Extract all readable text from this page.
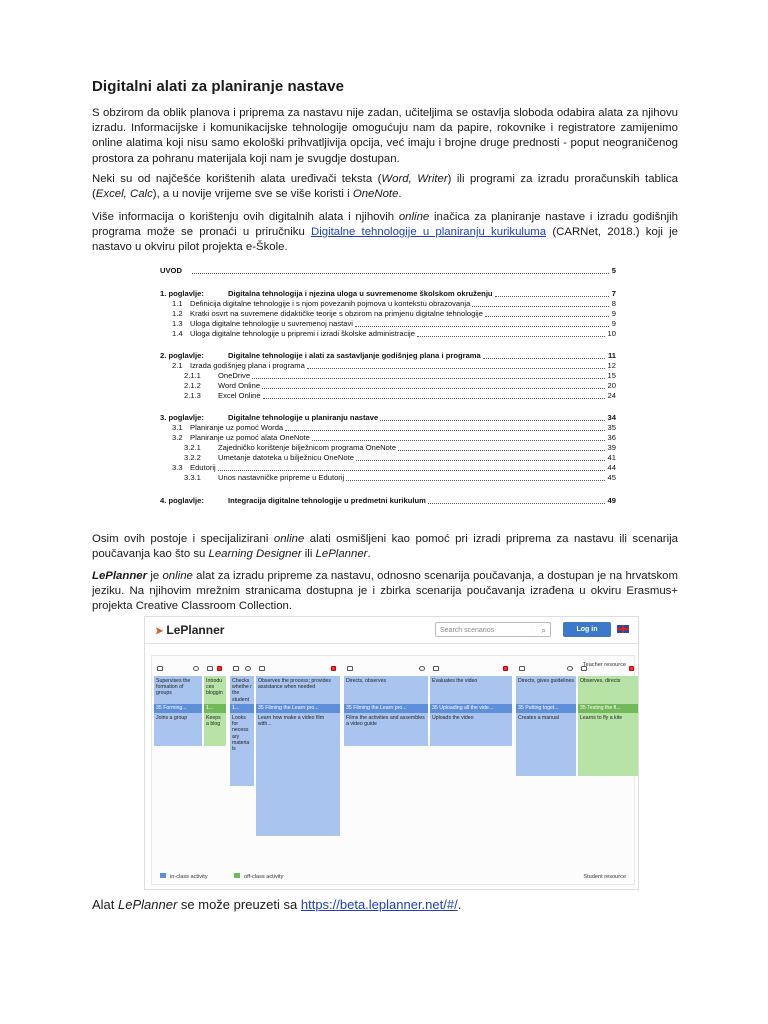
Digitalni alati za planiranje nastave

S obzirom da oblik planova i priprema za nastavu nije zadan, učiteljima se ostavlja sloboda odabira alata za njihovu izradu. Informacijske i komunikacijske tehnologije omogućuju nam da papire, rokovnike i registratore zamijenimo online alatima koji nisu samo ekološki prihvatljivija opcija, već imaju i brojne druge prednosti - poput neograničenog prostora za pohranu materijala koji nam je svugdje dostupan.

Neki su od najčešće korištenih alata uređivači teksta (Word, Writer) ili programi za izradu proračunskih tablica (Excel, Calc), a u novije vrijeme sve se više koristi i OneNote.

Više informacija o korištenju ovih digitalnih alata i njihovih online inačica za planiranje nastave i izradu godišnjih programa može se pronaći u priručniku Digitalne tehnologije u planiranju kurikuluma (CARNet, 2018.) koji je nastavo u okviru pilot projekta e-Škole.

UVOD	5
1. poglavlje:	Digitalna tehnologija i njezina uloga u suvremenome školskom okruženju	7
1.1 Definicija digitalne tehnologije i s njom povezanih pojmova u kontekstu obrazovanja	8
1.2 Kratki osvrt na suvremene didaktičke teorije s obzirom na primjenu digitalne tehnologije	9
1.3 Uloga digitalne tehnologije u suvremenoj nastavi	9
1.4 Uloga digitalne tehnologije u pripremi i izradi školske administracije	10
2. poglavlje:	Digitalne tehnologije i alati za sastavljanje godišnjeg plana i programa	11
2.1 Izrada godišnjeg plana i programa	12
2.1.1 OneDrive	15
2.1.2 Word Online	20
2.1.3 Excel Online	24
3. poglavlje:	Digitalne tehnologije u planiranju nastave	34
3.1 Planiranje uz pomoć Worda	35
3.2 Planiranje uz pomoć alata OneNote	36
3.2.1 Zajedničko korištenje bilježnicom programa OneNote	39
3.2.2 Umetanje datoteka u bilježnicu OneNote	41
3.3 Edutorij	44
3.3.1 Unos nastavničke pripreme u Edutorij	45
4. poglavlje:	Integracija digitalne tehnologije u predmetni kurikulum	49

Osim ovih postoje i specijalizirani online alati osmišljeni kao pomoć pri izradi priprema za nastavu ili scenarija poučavanja kao što su Learning Designer ili LePlanner.

LePlanner je online alat za izradu pripreme za nastavu, odnosno scenarija poučavanja, a dostupan je na hrvatskom jeziku. Na njihovim mrežnim stranicama dostupna je i zbirka scenarija poučavanja izrađena u okviru Erasmus+ projekta Creative Classroom Collection.

➤ LePlanner	Search scenarios	⌕	Log in
Teacher resource
Student resource
in-class activity	off-class activity
Supervises the formation of groups
35 Forming...
Joins a group
Introdu ces bloggin
1...
Keeps a blog
Checks whethe r the student
1...
Looks for necess ary materia ls
Observes the process; provides assistance when needed
35 Filming the Learn pro...
Learn how make a video film with...
Directs, observes
35 Filming the Learn pro...
Films the activities and assembles a video guide
Evaluates the video
35 Uploading all the vide...
Uploads the video
Directs, gives guidelines
35 Putting toget...
Creates a manual
Observes, directs
35 Testing the fl...
Learns to fly a kite

Alat LePlanner se može preuzeti sa https://beta.leplanner.net/#/.
